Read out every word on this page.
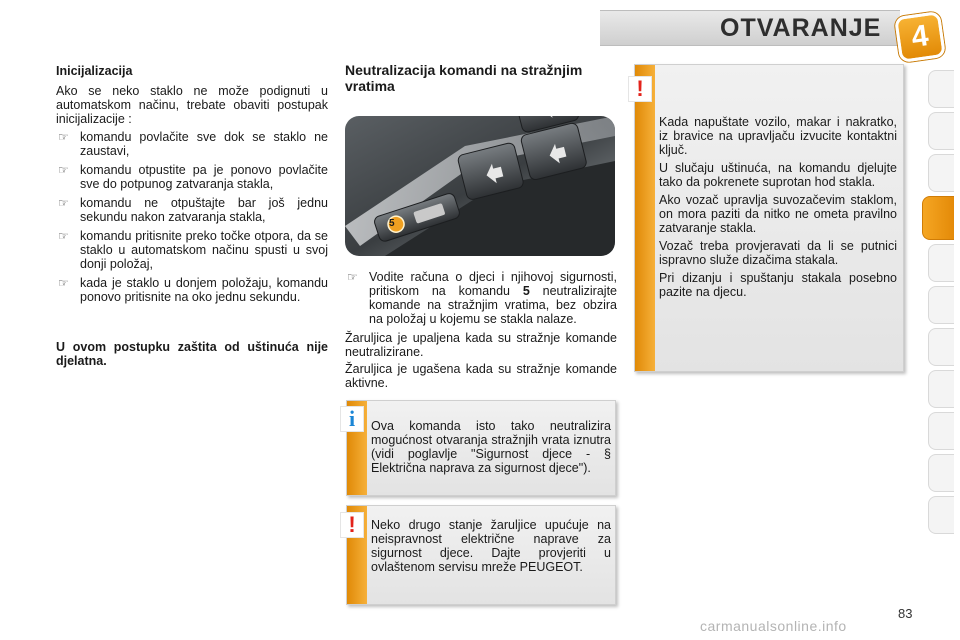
OTVARANJE 4
Inicijalizacija

Ako se neko staklo ne može podignuti u automatskom načinu, trebate obaviti postupak inicijalizacije :

☞ komandu povlačite sve dok se staklo ne zaustavi,
☞ komandu otpustite pa je ponovo povlačite sve do potpunog zatvaranja stakla,
☞ komandu ne otpuštajte bar još jednu sekundu nakon zatvaranja stakla,
☞ komandu pritisnite preko točke otpora, da se staklo u automatskom načinu spusti u svoj donji položaj,
☞ kada je staklo u donjem položaju, komandu ponovo pritisnite na oko jednu sekundu.

U ovom postupku zaštita od uštinuća nije djelatna.

Neutralizacija komandi na stražnjim vratima
5
☞ Vodite računa o djeci i njihovoj sigurnosti, pritiskom na komandu 5 neutralizirajte komande na stražnjim vratima, bez obzira na položaj u kojemu se stakla nalaze.

Žaruljica je upaljena kada su stražnje komande neutralizirane.

Žaruljica je ugašena kada su stražnje komande aktivne.

Ova komanda isto tako neutralizira mogućnost otvaranja stražnjih vrata iznutra (vidi poglavlje "Sigurnost djece - § Električna naprava za sigurnost djece").
i
Neko drugo stanje žaruljice upućuje na neispravnost električne naprave za sigurnost djece. Dajte provjeriti u ovlaštenom servisu mreže PEUGEOT.
!

Kada napuštate vozilo, makar i nakratko, iz bravice na upravljaču izvucite kontaktni ključ.

U slučaju uštinuća, na komandu djelujte tako da pokrenete suprotan hod stakla.

Ako vozač upravlja suvozačevim staklom, on mora paziti da nitko ne ometa pravilno zatvaranje stakla.

Vozač treba provjeravati da li se putnici ispravno služe dizačima stakala.

Pri dizanju i spuštanju stakala posebno pazite na djecu.

!
83
carmanualsonline.info
